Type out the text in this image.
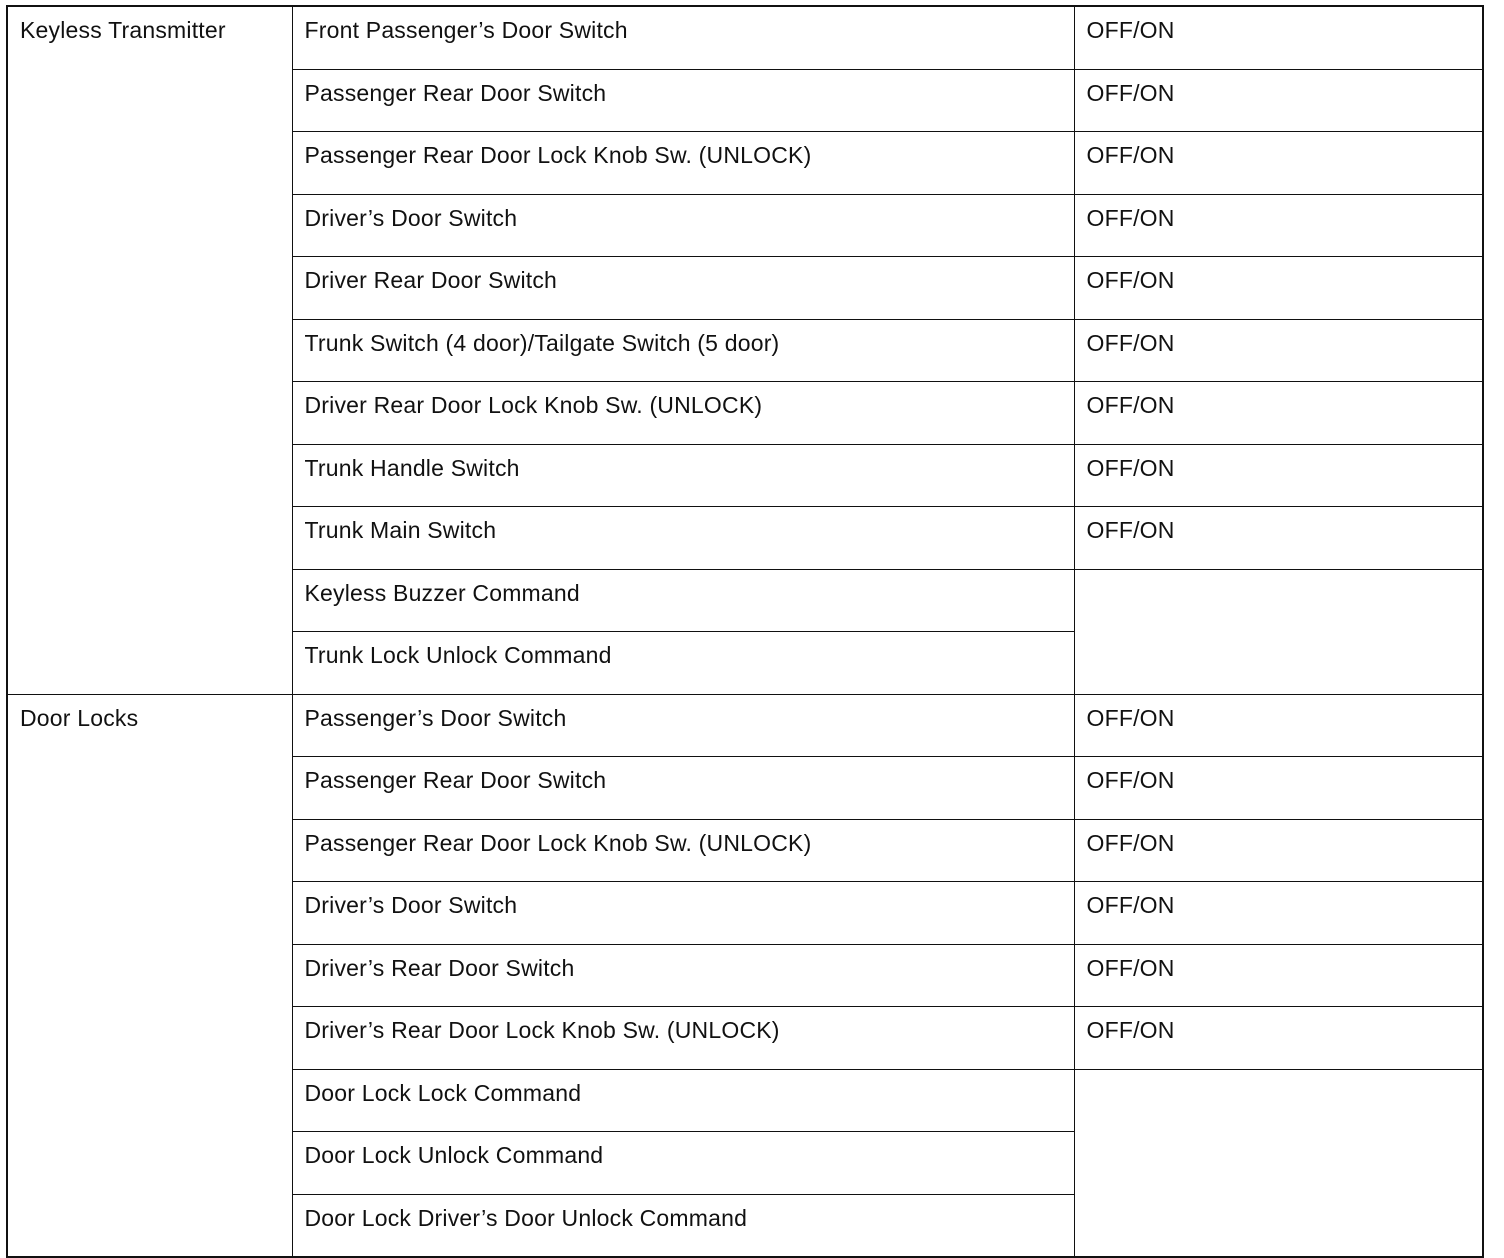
Keyless Transmitter	Front Passenger’s Door Switch	OFF/ON
	Passenger Rear Door Switch	OFF/ON
	Passenger Rear Door Lock Knob Sw. (UNLOCK)	OFF/ON
	Driver’s Door Switch	OFF/ON
	Driver Rear Door Switch	OFF/ON
	Trunk Switch (4 door)/Tailgate Switch (5 door)	OFF/ON
	Driver Rear Door Lock Knob Sw. (UNLOCK)	OFF/ON
	Trunk Handle Switch	OFF/ON
	Trunk Main Switch	OFF/ON
	Keyless Buzzer Command	
	Trunk Lock Unlock Command	
Door Locks	Passenger’s Door Switch	OFF/ON
	Passenger Rear Door Switch	OFF/ON
	Passenger Rear Door Lock Knob Sw. (UNLOCK)	OFF/ON
	Driver’s Door Switch	OFF/ON
	Driver’s Rear Door Switch	OFF/ON
	Driver’s Rear Door Lock Knob Sw. (UNLOCK)	OFF/ON
	Door Lock Lock Command	
	Door Lock Unlock Command	
	Door Lock Driver’s Door Unlock Command	
